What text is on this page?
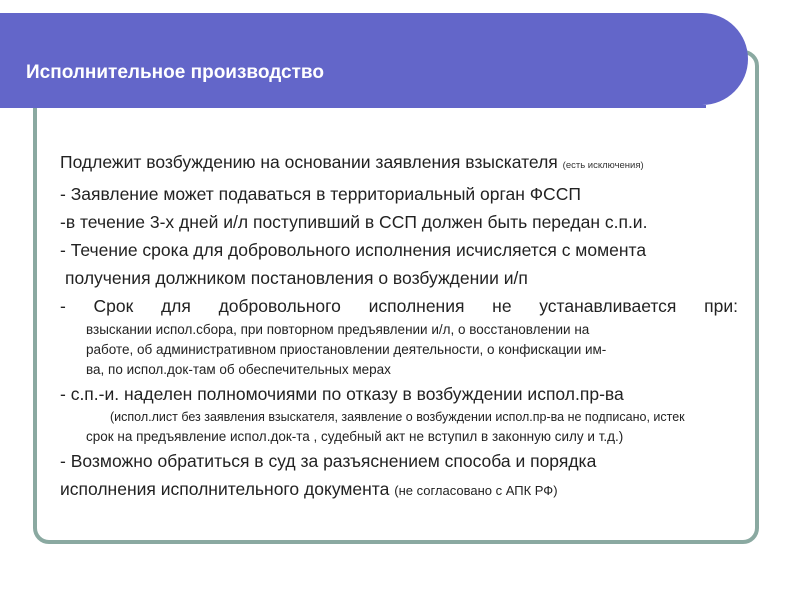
Исполнительное производство

Подлежит возбуждению на основании заявления взыскателя (есть исключения)

- Заявление может подаваться в территориальный орган ФССП

-в течение 3-х дней и/л поступивший в ССП должен быть передан с.п.и.

- Течение срока для добровольного исполнения исчисляется с момента

получения должником постановления о возбуждении и/п

- Срок для добровольного исполнения не устанавливается при:

взыскании испол.сбора, при повторном предъявлении и/л, о восстановлении на

работе, об административном приостановлении деятельности, о конфискации им-

ва, по испол.док-там об обеспечительных мерах

- с.п.-и. наделен полномочиями по отказу в возбуждении испол.пр-ва

(испол.лист без заявления взыскателя, заявление о возбуждении испол.пр-ва не подписано, истек

срок на предъявление испол.док-та , судебный акт не вступил в законную силу и т.д.)

- Возможно обратиться в суд за разъяснением способа и порядка

исполнения исполнительного документа (не согласовано с АПК РФ)
